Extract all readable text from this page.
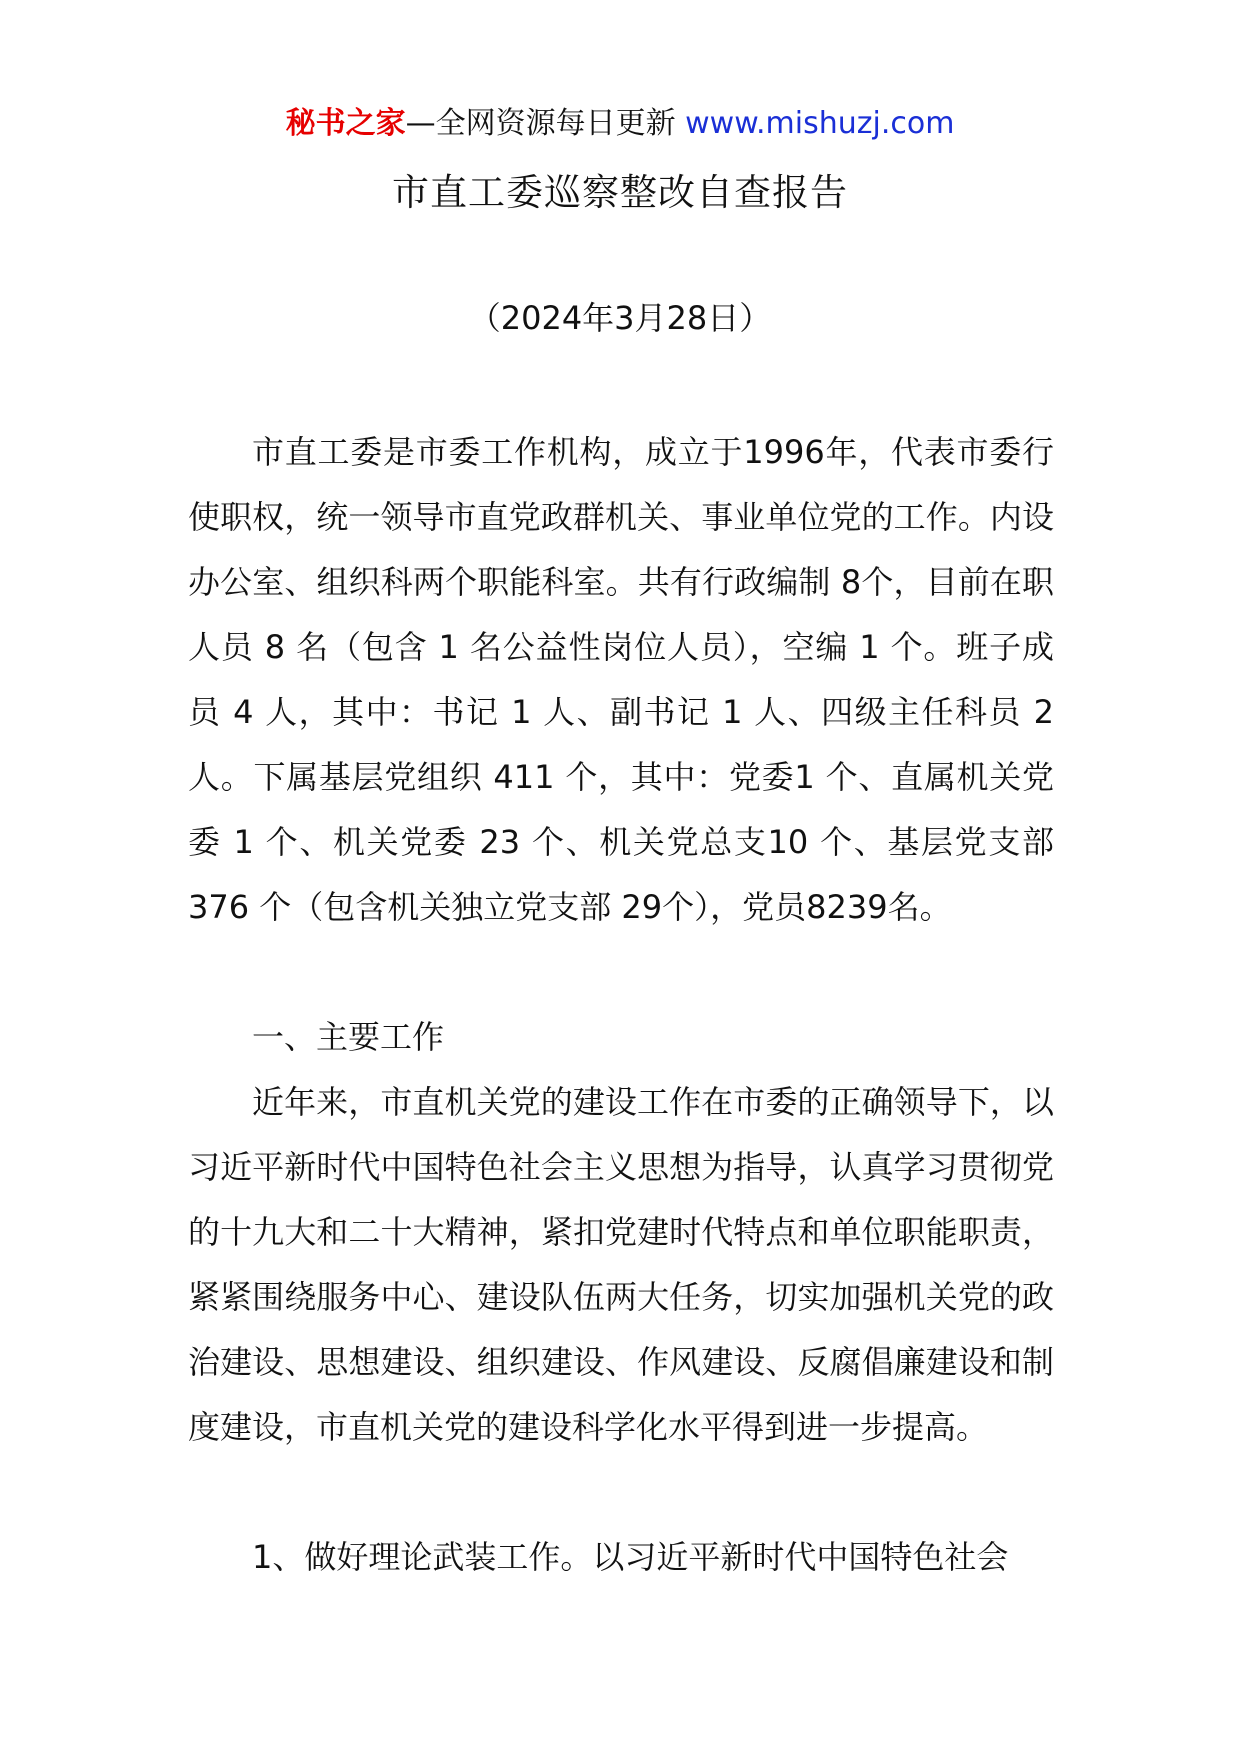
秘书之家—全网资源每日更新 www.mishuzj.com
市直工委巡察整改自查报告
（2024年3月28日）

市直工委是市委工作机构，成立于1996年，代表市委行使职权，统一领导市直党政群机关、事业单位党的工作。内设办公室、组织科两个职能科室。共有行政编制 8个，目前在职人员 8 名（包含 1 名公益性岗位人员），空编 1 个。班子成员 4 人，其中：书记 1 人、副书记 1 人、四级主任科员 2 人。下属基层党组织 411 个，其中：党委1 个、直属机关党委 1 个、机关党委 23 个、机关党总支10 个、基层党支部 376 个（包含机关独立党支部 29个），党员8239名。

一、主要工作

近年来，市直机关党的建设工作在市委的正确领导下，以习近平新时代中国特色社会主义思想为指导，认真学习贯彻党的十九大和二十大精神，紧扣党建时代特点和单位职能职责，紧紧围绕服务中心、建设队伍两大任务，切实加强机关党的政治建设、思想建设、组织建设、作风建设、反腐倡廉建设和制度建设，市直机关党的建设科学化水平得到进一步提高。

1、做好理论武装工作。以习近平新时代中国特色社会
